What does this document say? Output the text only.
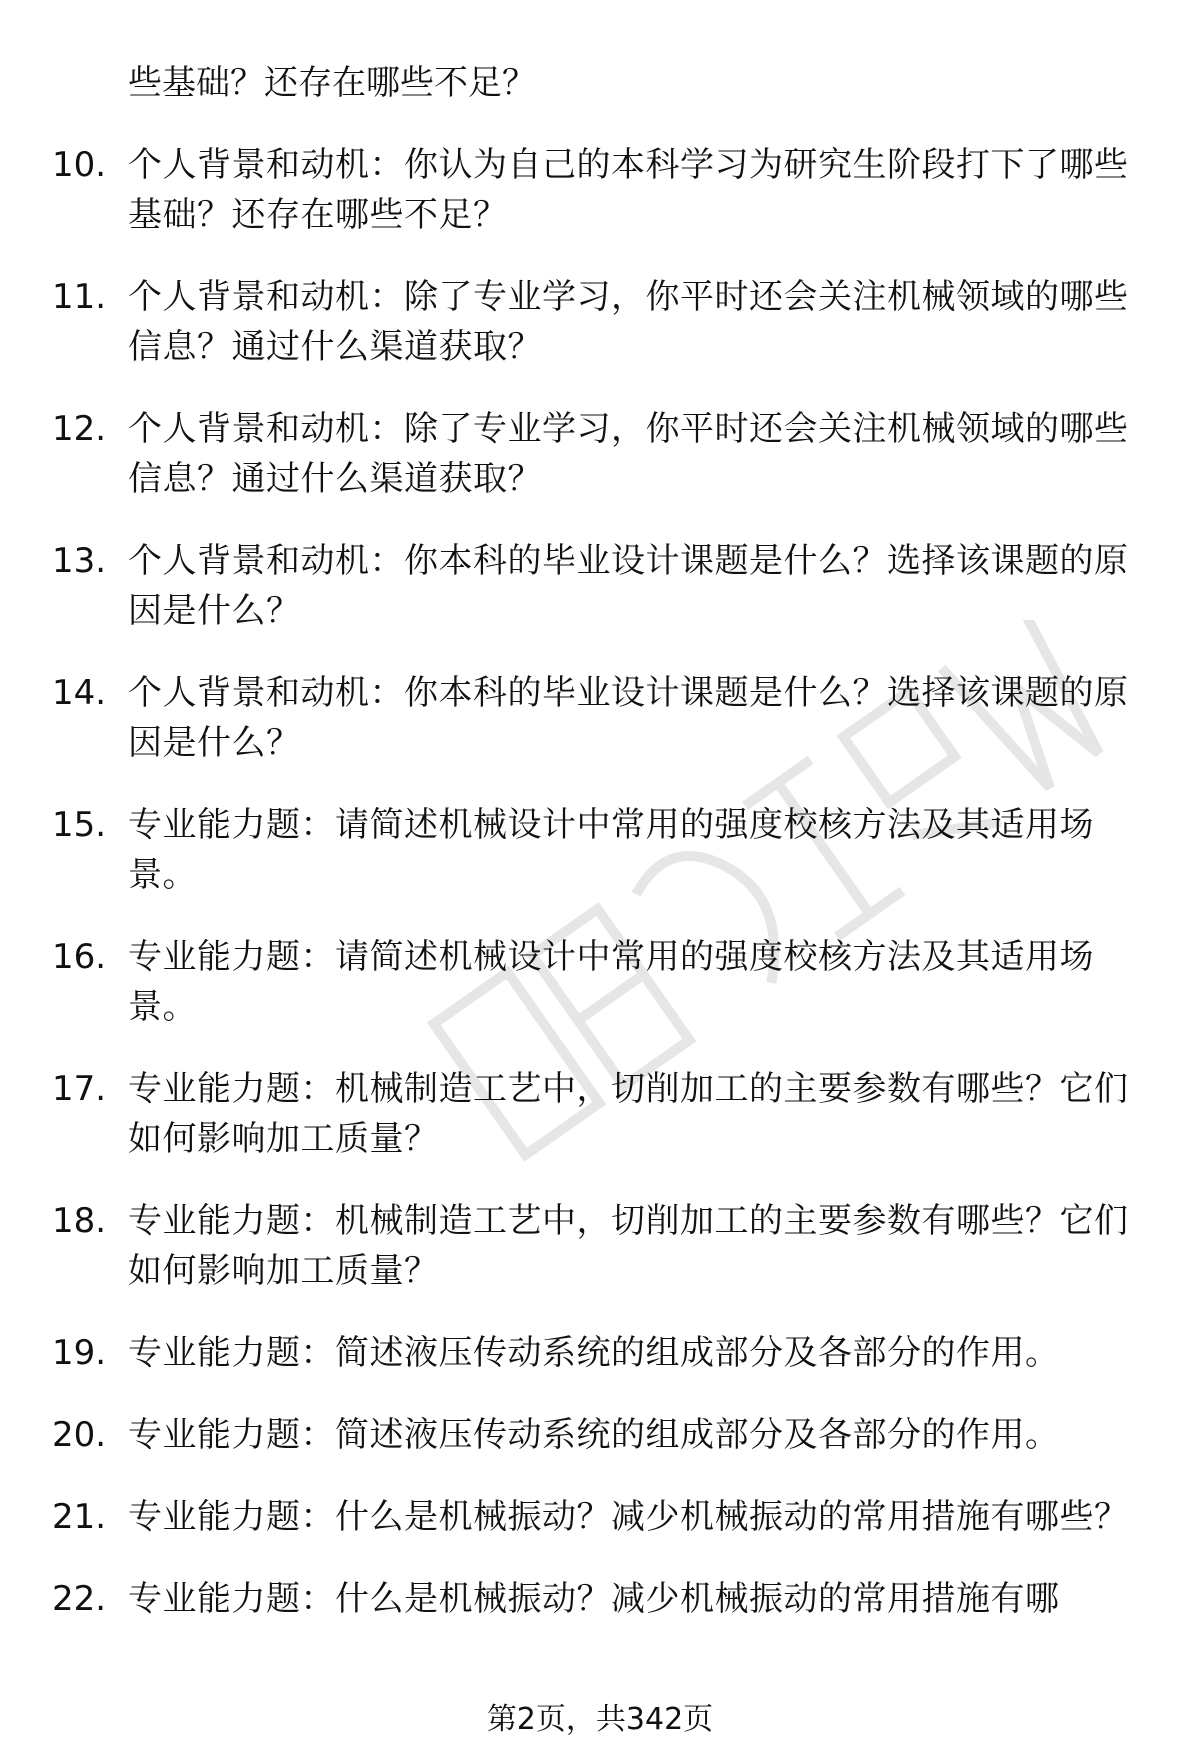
些基础？还存在哪些不足？
10. 个人背景和动机：你认为自己的本科学习为研究生阶段打下了哪些基础？还存在哪些不足？
11. 个人背景和动机：除了专业学习，你平时还会关注机械领域的哪些信息？通过什么渠道获取？
12. 个人背景和动机：除了专业学习，你平时还会关注机械领域的哪些信息？通过什么渠道获取？
13. 个人背景和动机：你本科的毕业设计课题是什么？选择该课题的原因是什么？
14. 个人背景和动机：你本科的毕业设计课题是什么？选择该课题的原因是什么？
15. 专业能力题：请简述机械设计中常用的强度校核方法及其适用场景。
16. 专业能力题：请简述机械设计中常用的强度校核方法及其适用场景。
17. 专业能力题：机械制造工艺中，切削加工的主要参数有哪些？它们如何影响加工质量？
18. 专业能力题：机械制造工艺中，切削加工的主要参数有哪些？它们如何影响加工质量？
19. 专业能力题：简述液压传动系统的组成部分及各部分的作用。
20. 专业能力题：简述液压传动系统的组成部分及各部分的作用。
21. 专业能力题：什么是机械振动？减少机械振动的常用措施有哪些？
22. 专业能力题：什么是机械振动？减少机械振动的常用措施有哪
第2页，共342页
